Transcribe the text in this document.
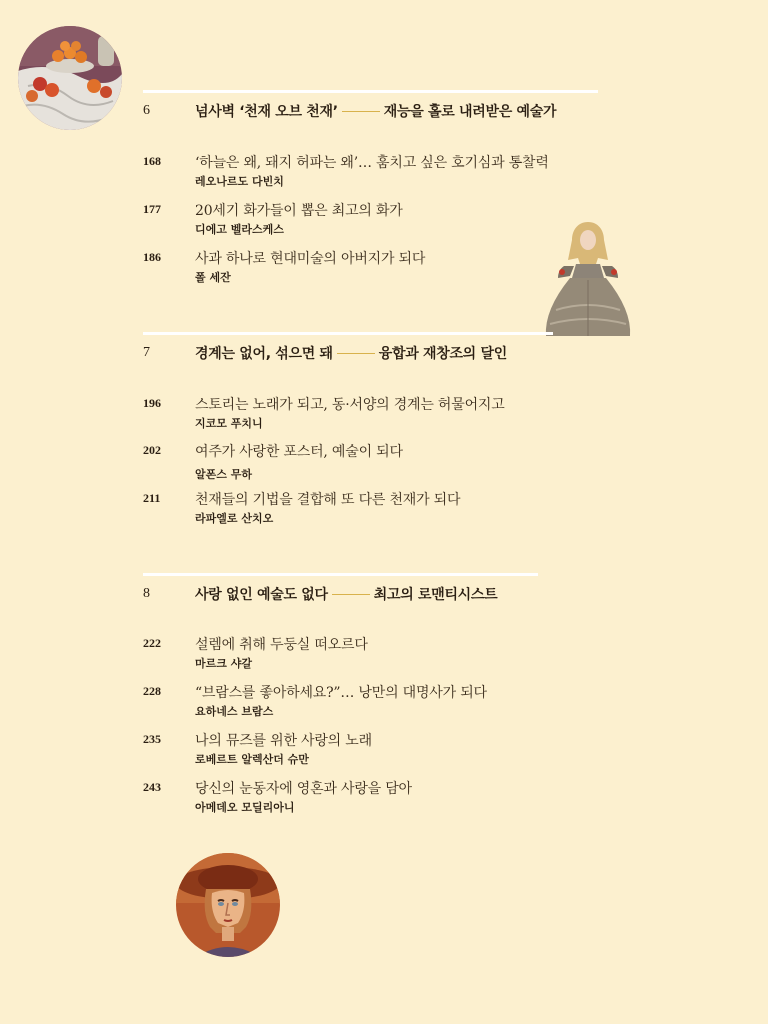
6	넘사벽 ‘천재 오브 천재’	재능을 홀로 내려받은 예술가
168 ‘하늘은 왜, 돼지 허파는 왜’… 훔치고 싶은 호기심과 통찰력
레오나르도 다빈치
177 20세기 화가들이 뽑은 최고의 화가
디에고 벨라스케스
186 사과 하나로 현대미술의 아버지가 되다
폴 세잔
7	경계는 없어, 섞으면 돼	융합과 재창조의 달인
196 스토리는 노래가 되고, 동·서양의 경계는 허물어지고
지코모 푸치니
202 여주가 사랑한 포스터, 예술이 되다
알폰스 무하
211 천재들의 기법을 결합해 또 다른 천재가 되다
라파엘로 산치오
8	사랑 없인 예술도 없다	최고의 로맨티시스트
222 설렘에 취해 두둥실 떠오르다
마르크 샤갈
228 “브람스를 좋아하세요?”… 낭만의 대명사가 되다
요하네스 브람스
235 나의 뮤즈를 위한 사랑의 노래
로베르트 알렉산더 슈만
243 당신의 눈동자에 영혼과 사랑을 담아
아메데오 모딜리아니
